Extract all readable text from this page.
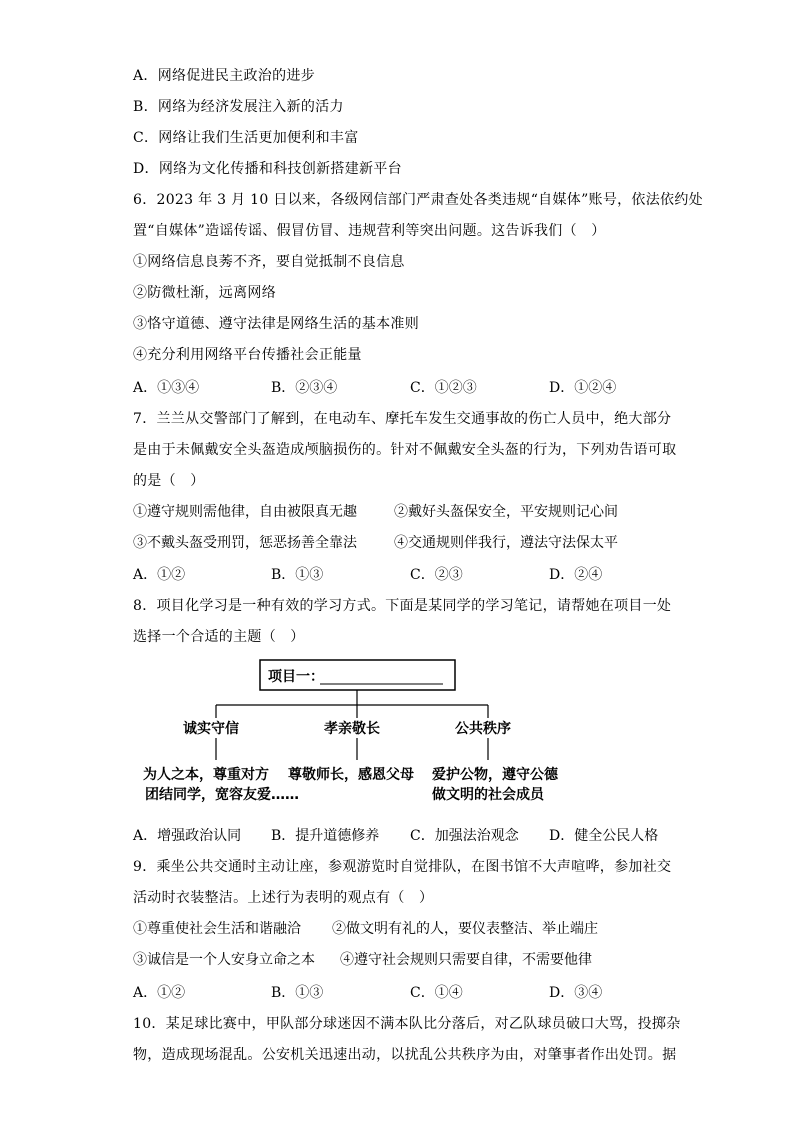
A．网络促进民主政治的进步
B．网络为经济发展注入新的活力
C．网络让我们生活更加便利和丰富
D．网络为文化传播和科技创新搭建新平台
6．2023 年 3 月 10 日以来，各级网信部门严肃查处各类违规“自媒体”账号，依法依约处
置“自媒体”造谣传谣、假冒仿冒、违规营利等突出问题。这告诉我们（　）
①网络信息良莠不齐，要自觉抵制不良信息
②防微杜渐，远离网络
③恪守道德、遵守法律是网络生活的基本准则
④充分利用网络平台传播社会正能量
A．①③④	B．②③④	C．①②③	D．①②④
7．兰兰从交警部门了解到，在电动车、摩托车发生交通事故的伤亡人员中，绝大部分
是由于未佩戴安全头盔造成颅脑损伤的。针对不佩戴安全头盔的行为，下列劝告语可取
的是（　）
①遵守规则需他律，自由被限真无趣	②戴好头盔保安全，平安规则记心间
③不戴头盔受刑罚，惩恶扬善全靠法	④交通规则伴我行，遵法守法保太平
A．①②	B．①③	C．②③	D．②④
8．项目化学习是一种有效的学习方式。下面是某同学的学习笔记，请帮她在项目一处
选择一个合适的主题（　）
项目一：
诚实守信	孝亲敬长	公共秩序
为人之本，尊重对方
团结同学，宽容友爱……
尊敬师长，感恩父母 爱护公物，遵守公德
做文明的社会成员
A．增强政治认同 B．提升道德修养 C．加强法治观念 D．健全公民人格
9．乘坐公共交通时主动让座，参观游览时自觉排队，在图书馆不大声喧哗，参加社交
活动时衣装整洁。上述行为表明的观点有（　）
①尊重使社会生活和谐融洽 ②做文明有礼的人，要仪表整洁、举止端庄
③诚信是一个人安身立命之本 ④遵守社会规则只需要自律，不需要他律
A．①②	B．①③	C．①④	D．③④
10．某足球比赛中，甲队部分球迷因不满本队比分落后，对乙队球员破口大骂，投掷杂
物，造成现场混乱。公安机关迅速出动，以扰乱公共秩序为由，对肇事者作出处罚。据
